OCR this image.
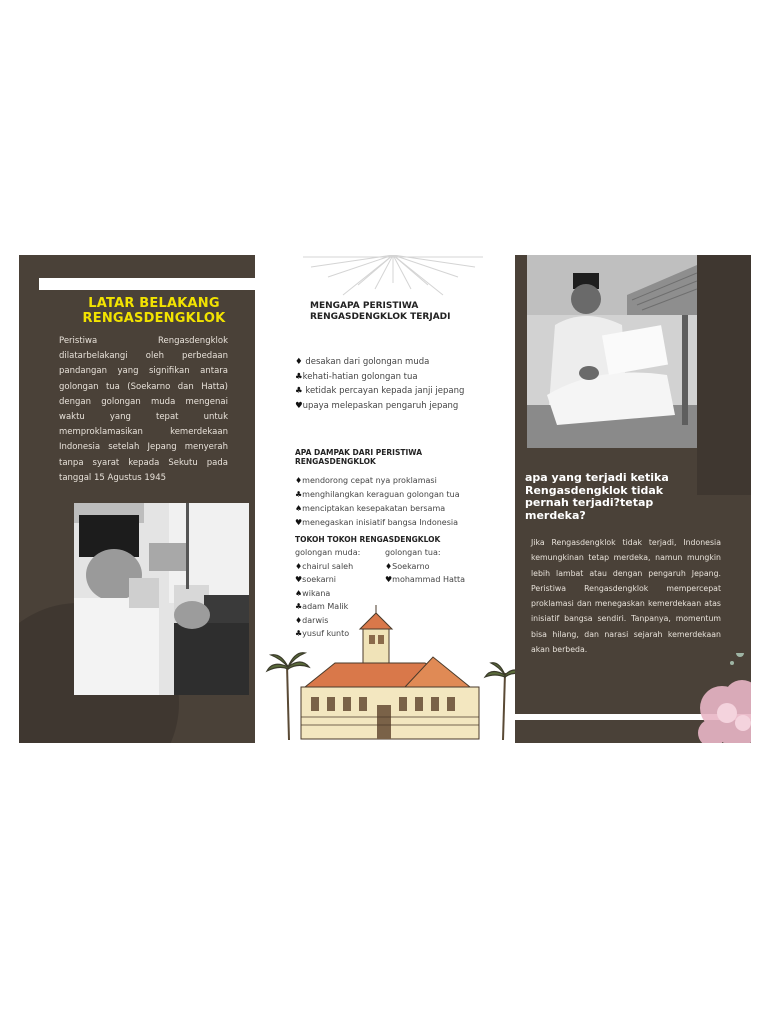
LATAR BELAKANG
RENGASDENGKLOK
Peristiwa Rengasdengklok dilatarbelakangi oleh perbedaan pandangan yang signifikan antara golongan tua (Soekarno dan Hatta) dengan golongan muda mengenai waktu yang tepat untuk memproklamasikan kemerdekaan Indonesia setelah Jepang menyerah tanpa syarat kepada Sekutu pada tanggal 15 Agustus 1945
MENGAPA PERISTIWA
RENGASDENGKLOK TERJADI
♦ desakan dari golongan muda
♣kehati-hatian golongan tua
♣ ketidak percayan kepada janji jepang
♥upaya melepaskan pengaruh jepang
APA DAMPAK DARI PERISTIWA
RENGASDENGKLOK
♦mendorong cepat nya proklamasi
♣menghilangkan keraguan golongan tua
♠menciptakan kesepakatan bersama
♥menegaskan inisiatif bangsa Indonesia
TOKOH TOKOH RENGASDENGKLOK
golongan muda:
♦chairul saleh
♥soekarni
♠wikana
♣adam Malik
♦darwis
♣yusuf kunto
golongan tua:
♦Soekarno
♥mohammad Hatta
apa yang terjadi ketika Rengasdengklok tidak pernah terjadi?tetap merdeka?
Jika Rengasdengklok tidak terjadi, Indonesia kemungkinan tetap merdeka, namun mungkin lebih lambat atau dengan pengaruh Jepang. Peristiwa Rengasdengklok mempercepat proklamasi dan menegaskan kemerdekaan atas inisiatif bangsa sendiri. Tanpanya, momentum bisa hilang, dan narasi sejarah kemerdekaan akan berbeda.
